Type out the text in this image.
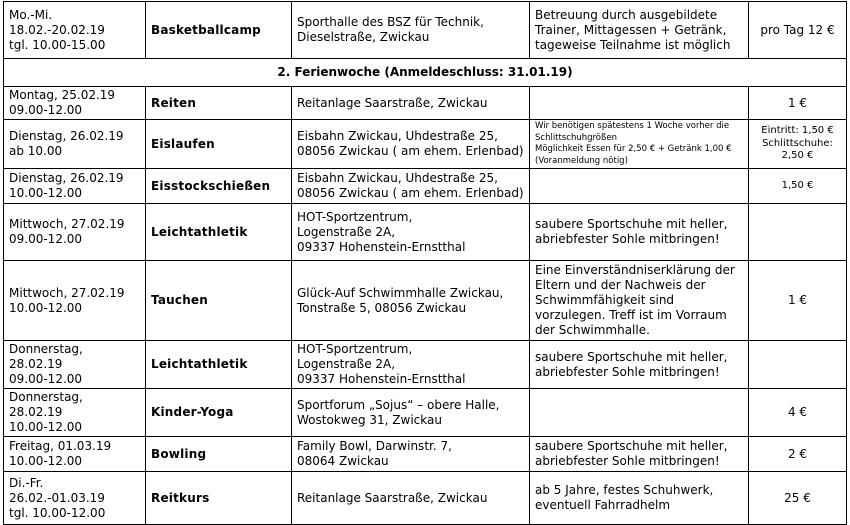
Mo.-Mi.
18.02.-20.02.19
tgl. 10.00-15.00	Basketballcamp	Sporthalle des BSZ für Technik,
Dieselstraße, Zwickau	Betreuung durch ausgebildete Trainer, Mittagessen + Getränk, tageweise Teilnahme ist möglich	pro Tag 12 €
2. Ferienwoche (Anmeldeschluss: 31.01.19)				
Montag, 25.02.19
09.00-12.00	Reiten	Reitanlage Saarstraße, Zwickau		1 €
Dienstag, 26.02.19
ab 10.00	Eislaufen	Eisbahn Zwickau, Uhdestraße 25, 08056 Zwickau ( am ehem. Erlenbad)	Wir benötigen spätestens 1 Woche vorher die Schlittschuhgrößen
Möglichkeit Essen für 2,50 € + Getränk 1,00 €
(Voranmeldung nötig)	Eintritt: 1,50 €
Schlittschuhe: 2,50 €
Dienstag, 26.02.19
10.00-12.00	Eisstockschießen	Eisbahn Zwickau, Uhdestraße 25, 08056 Zwickau ( am ehem. Erlenbad)		1,50 €
Mittwoch, 27.02.19
09.00-12.00	Leichtathletik	HOT-Sportzentrum,
Logenstraße 2A,
09337 Hohenstein-Ernstthal	saubere Sportschuhe mit heller, abriebfester Sohle mitbringen!	
Mittwoch, 27.02.19
10.00-12.00	Tauchen	Glück-Auf Schwimmhalle Zwickau,
Tonstraße 5, 08056 Zwickau	Eine Einverständniserklärung der Eltern und der Nachweis der Schwimmfähigkeit sind vorzulegen. Treff ist im Vorraum der Schwimmhalle.	1 €
Donnerstag, 28.02.19
09.00-12.00	Leichtathletik	HOT-Sportzentrum,
Logenstraße 2A,
09337 Hohenstein-Ernstthal	saubere Sportschuhe mit heller, abriebfester Sohle mitbringen!	
Donnerstag, 28.02.19
10.00-12.00	Kinder-Yoga	Sportforum „Sojus“ – obere Halle,
Wostokweg 31, Zwickau		4 €
Freitag, 01.03.19
10.00-12.00	Bowling	Family Bowl, Darwinstr. 7,
08064 Zwickau	saubere Sportschuhe mit heller, abriebfester Sohle mitbringen!	2 €
Di.-Fr.
26.02.-01.03.19
tgl. 10.00-12.00	Reitkurs	Reitanlage Saarstraße, Zwickau	ab 5 Jahre, festes Schuhwerk, eventuell Fahrradhelm	25 €
